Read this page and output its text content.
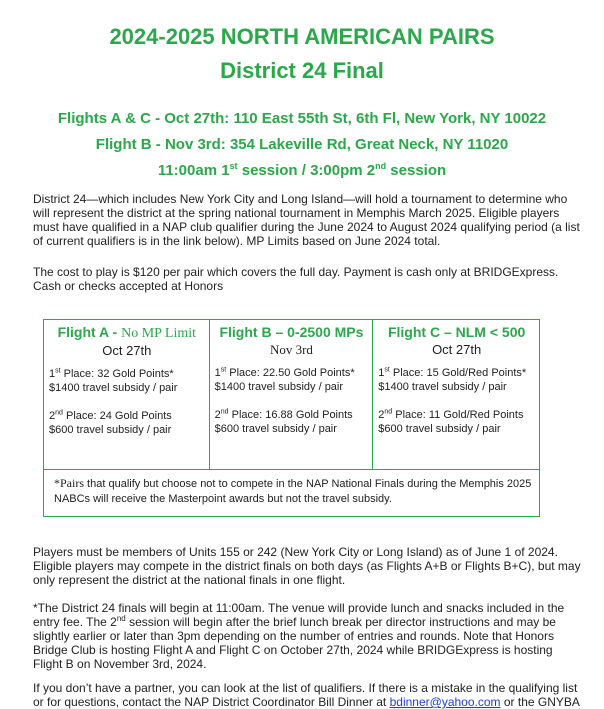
2024-2025 NORTH AMERICAN PAIRS
District 24 Final
Flights A & C - Oct 27th: 110 East 55th St, 6th Fl, New York, NY 10022
Flight B - Nov 3rd: 354 Lakeville Rd, Great Neck, NY 11020
11:00am 1st session / 3:00pm 2nd session
District 24—which includes New York City and Long Island—will hold a tournament to determine who will represent the district at the spring national tournament in Memphis March 2025. Eligible players must have qualified in a NAP club qualifier during the June 2024 to August 2024 qualifying period (a list of current qualifiers is in the link below). MP Limits based on June 2024 total.
The cost to play is $120 per pair which covers the full day. Payment is cash only at BRIDGExpress. Cash or checks accepted at Honors
Flight A - No MP Limit
Oct 27th
1st Place: 32 Gold Points*
$1400 travel subsidy / pair
2nd Place: 24 Gold Points
$600 travel subsidy / pair

Flight B – 0-2500 MPs
Nov 3rd
1st Place: 22.50 Gold Points*
$1400 travel subsidy / pair
2nd Place: 16.88 Gold Points
$600 travel subsidy / pair

Flight C – NLM < 500
Oct 27th
1st Place: 15 Gold/Red Points*
$1400 travel subsidy / pair
2nd Place: 11 Gold/Red Points
$600 travel subsidy / pair

*Pairs that qualify but choose not to compete in the NAP National Finals during the Memphis 2025 NABCs will receive the Masterpoint awards but not the travel subsidy.
Players must be members of Units 155 or 242 (New York City or Long Island) as of June 1 of 2024. Eligible players may compete in the district finals on both days (as Flights A+B or Flights B+C), but may only represent the district at the national finals in one flight.
*The District 24 finals will begin at 11:00am. The venue will provide lunch and snacks included in the entry fee. The 2nd session will begin after the brief lunch break per director instructions and may be slightly earlier or later than 3pm depending on the number of entries and rounds. Note that Honors Bridge Club is hosting Flight A and Flight C on October 27th, 2024 while BRIDGExpress is hosting Flight B on November 3rd, 2024.
If you don’t have a partner, you can look at the list of qualifiers. If there is a mistake in the qualifying list or for questions, contact the NAP District Coordinator Bill Dinner at bdinner@yahoo.com or the GNYBA
